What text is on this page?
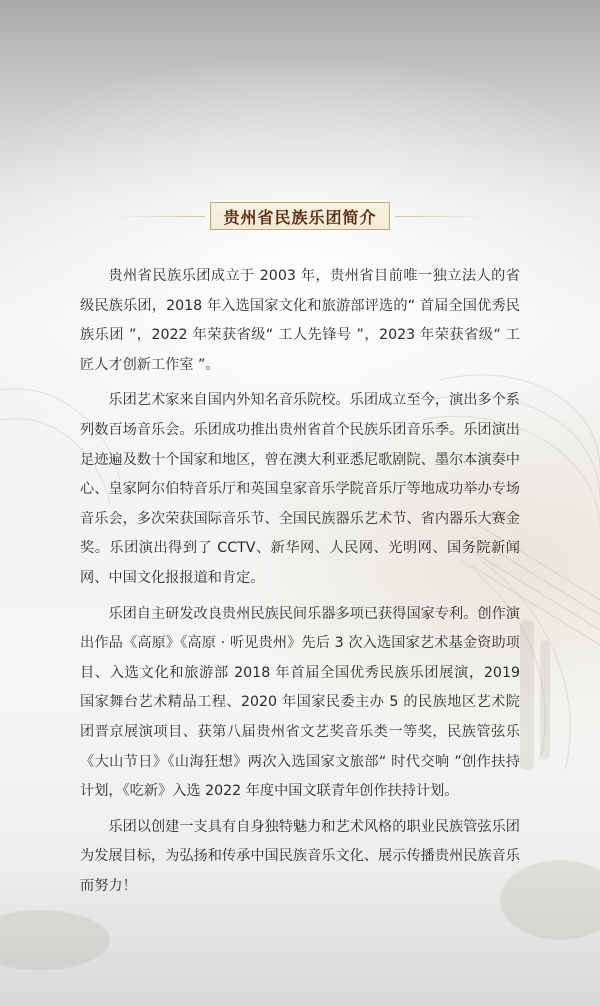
贵州省民族乐团简介

贵州省民族乐团成立于 2003 年，贵州省目前唯一独立法人的省级民族乐团，2018 年入选国家文化和旅游部评选的“ 首届全国优秀民族乐团 ”，2022 年荣获省级“ 工人先锋号 ”，2023 年荣获省级“ 工匠人才创新工作室 ”。

乐团艺术家来自国内外知名音乐院校。乐团成立至今，演出多个系列数百场音乐会。乐团成功推出贵州省首个民族乐团音乐季。乐团演出足迹遍及数十个国家和地区，曾在澳大利亚悉尼歌剧院、墨尔本演奏中心、皇家阿尔伯特音乐厅和英国皇家音乐学院音乐厅等地成功举办专场音乐会，多次荣获国际音乐节、全国民族器乐艺术节、省内器乐大赛金奖。乐团演出得到了 CCTV、新华网、人民网、光明网、国务院新闻网、中国文化报报道和肯定。

乐团自主研发改良贵州民族民间乐器多项已获得国家专利。创作演出作品《高原》《高原 · 听见贵州》先后 3 次入选国家艺术基金资助项目、入选文化和旅游部 2018 年首届全国优秀民族乐团展演，2019 国家舞台艺术精品工程、2020 年国家民委主办 5 的民族地区艺术院团晋京展演项目、获第八届贵州省文艺奖音乐类一等奖，民族管弦乐《大山节日》《山海狂想》两次入选国家文旅部“ 时代交响 ”创作扶持计划，《吃新》入选 2022 年度中国文联青年创作扶持计划。

乐团以创建一支具有自身独特魅力和艺术风格的职业民族管弦乐团为发展目标，为弘扬和传承中国民族音乐文化、展示传播贵州民族音乐而努力！
